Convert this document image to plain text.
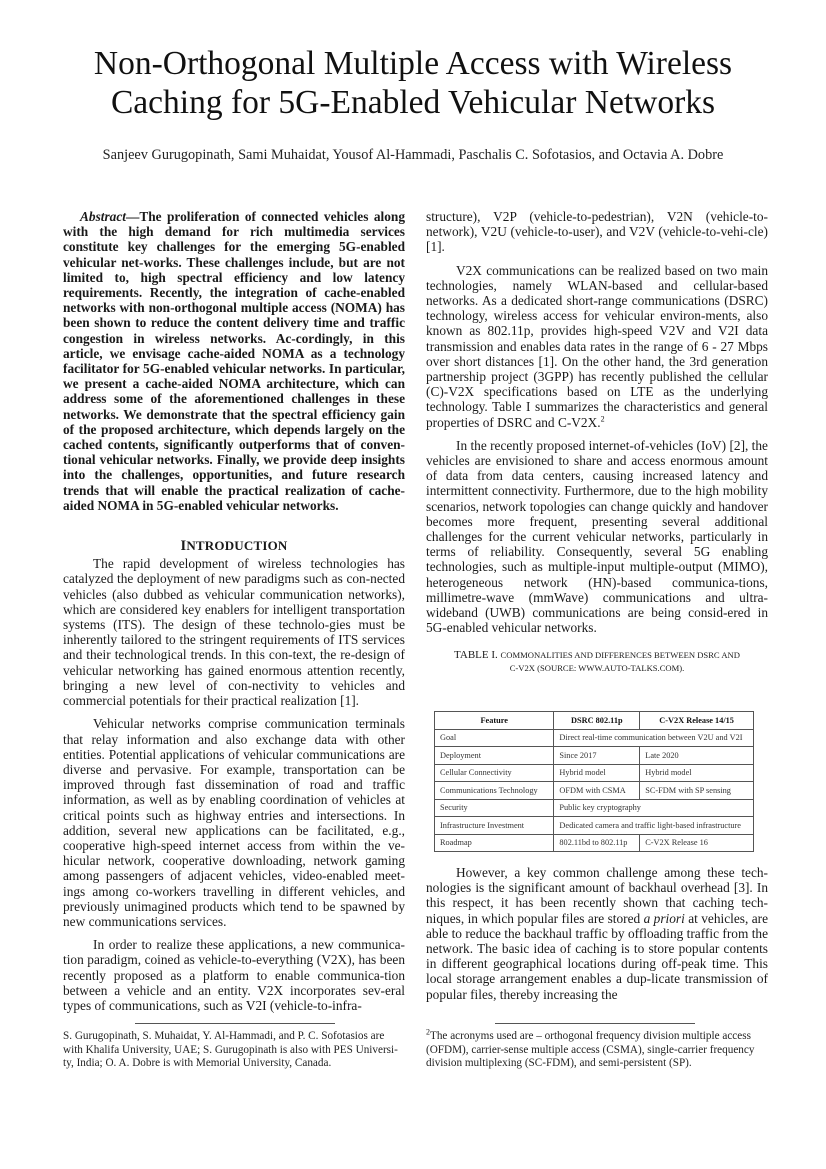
Non-Orthogonal Multiple Access with Wireless
Caching for 5G-Enabled Vehicular Networks
Sanjeev Gurugopinath, Sami Muhaidat, Yousof Al-Hammadi, Paschalis C. Sofotasios, and Octavia A. Dobre

Abstract—The proliferation of connected vehicles along with the high demand for rich multimedia services constitute key challenges for the emerging 5G-enabled vehicular net-works. These challenges include, but are not limited to, high spectral efficiency and low latency requirements. Recently, the integration of cache-enabled networks with non-orthogonal multiple access (NOMA) has been shown to reduce the content delivery time and traffic congestion in wireless networks. Ac-cordingly, in this article, we envisage cache-aided NOMA as a technology facilitator for 5G-enabled vehicular networks. In particular, we present a cache-aided NOMA architecture, which can address some of the aforementioned challenges in these networks. We demonstrate that the spectral efficiency gain of the proposed architecture, which depends largely on the cached contents, significantly outperforms that of conven-tional vehicular networks. Finally, we provide deep insights into the challenges, opportunities, and future research trends that will enable the practical realization of cache-aided NOMA in 5G-enabled vehicular networks.

INTRODUCTION

The rapid development of wireless technologies has catalyzed the deployment of new paradigms such as con-nected vehicles (also dubbed as vehicular communication networks), which are considered key enablers for intelligent transportation systems (ITS). The design of these technolo-gies must be inherently tailored to the stringent requirements of ITS services and their technological trends. In this con-text, the re-design of vehicular networking has gained enormous attention recently, bringing a new level of con-nectivity to vehicles and commercial potentials for their practical realization [1].

Vehicular networks comprise communication terminals that relay information and also exchange data with other entities. Potential applications of vehicular communications are diverse and pervasive. For example, transportation can be improved through fast dissemination of road and traffic information, as well as by enabling coordination of vehicles at critical points such as highway entries and intersections. In addition, several new applications can be facilitated, e.g., cooperative high-speed internet access from within the ve-hicular network, cooperative downloading, network gaming among passengers of adjacent vehicles, video-enabled meet-ings among co-workers travelling in different vehicles, and previously unimagined products which tend to be spawned by new communications services.

In order to realize these applications, a new communica-tion paradigm, coined as vehicle-to-everything (V2X), has been recently proposed as a platform to enable communica-tion between a vehicle and an entity. V2X incorporates sev-eral types of communications, such as V2I (vehicle-to-infra-

S. Gurugopinath, S. Muhaidat, Y. Al-Hammadi, and P. C. Sofotasios are with Khalifa University, UAE; S. Gurugopinath is also with PES Universi-ty, India; O. A. Dobre is with Memorial University, Canada.

structure), V2P (vehicle-to-pedestrian), V2N (vehicle-to-network), V2U (vehicle-to-user), and V2V (vehicle-to-vehi-cle) [1].

V2X communications can be realized based on two main technologies, namely WLAN-based and cellular-based networks. As a dedicated short-range communications (DSRC) technology, wireless access for vehicular environ-ments, also known as 802.11p, provides high-speed V2V and V2I data transmission and enables data rates in the range of 6 - 27 Mbps over short distances [1]. On the other hand, the 3rd generation partnership project (3GPP) has recently published the cellular (C)-V2X specifications based on LTE as the underlying technology. Table I summarizes the characteristics and general properties of DSRC and C-V2X.$^2$

In the recently proposed internet-of-vehicles (IoV) [2], the vehicles are envisioned to share and access enormous amount of data from data centers, causing increased latency and intermittent connectivity. Furthermore, due to the high mobility scenarios, network topologies can change quickly and handover becomes more frequent, presenting several additional challenges for the current vehicular networks, particularly in terms of reliability. Consequently, several 5G enabling technologies, such as multiple-input multiple-output (MIMO), heterogeneous network (HN)-based communica-tions, millimetre-wave (mmWave) communications and ultra-wideband (UWB) communications are being consid-ered in 5G-enabled vehicular networks.

TABLE I. COMMONALITIES AND DIFFERENCES BETWEEN DSRC AND
C-V2X (SOURCE: WWW.AUTO-TALKS.COM).
Feature	DSRC 802.11p	C-V2X Release 14/15
Goal	Direct real-time communication between V2U and V2I	
Deployment	Since 2017	Late 2020
Cellular Connectivity	Hybrid model	Hybrid model
Communications Technology	OFDM with CSMA	SC-FDM with SP sensing
Security	Public key cryptography	
Infrastructure Investment	Dedicated camera and traffic light-based infrastructure	
Roadmap	802.11bd to 802.11p	C-V2X Release 16

However, a key common challenge among these tech-nologies is the significant amount of backhaul overhead [3]. In this respect, it has been recently shown that caching tech-niques, in which popular files are stored a priori at vehicles, are able to reduce the backhaul traffic by offloading traffic from the network. The basic idea of caching is to store popular contents in different geographical locations during off-peak time. This local storage arrangement enables a dup-licate transmission of popular files, thereby increasing the

$^2$The acronyms used are – orthogonal frequency division multiple access (OFDM), carrier-sense multiple access (CSMA), single-carrier frequency division multiplexing (SC-FDM), and semi-persistent (SP).
